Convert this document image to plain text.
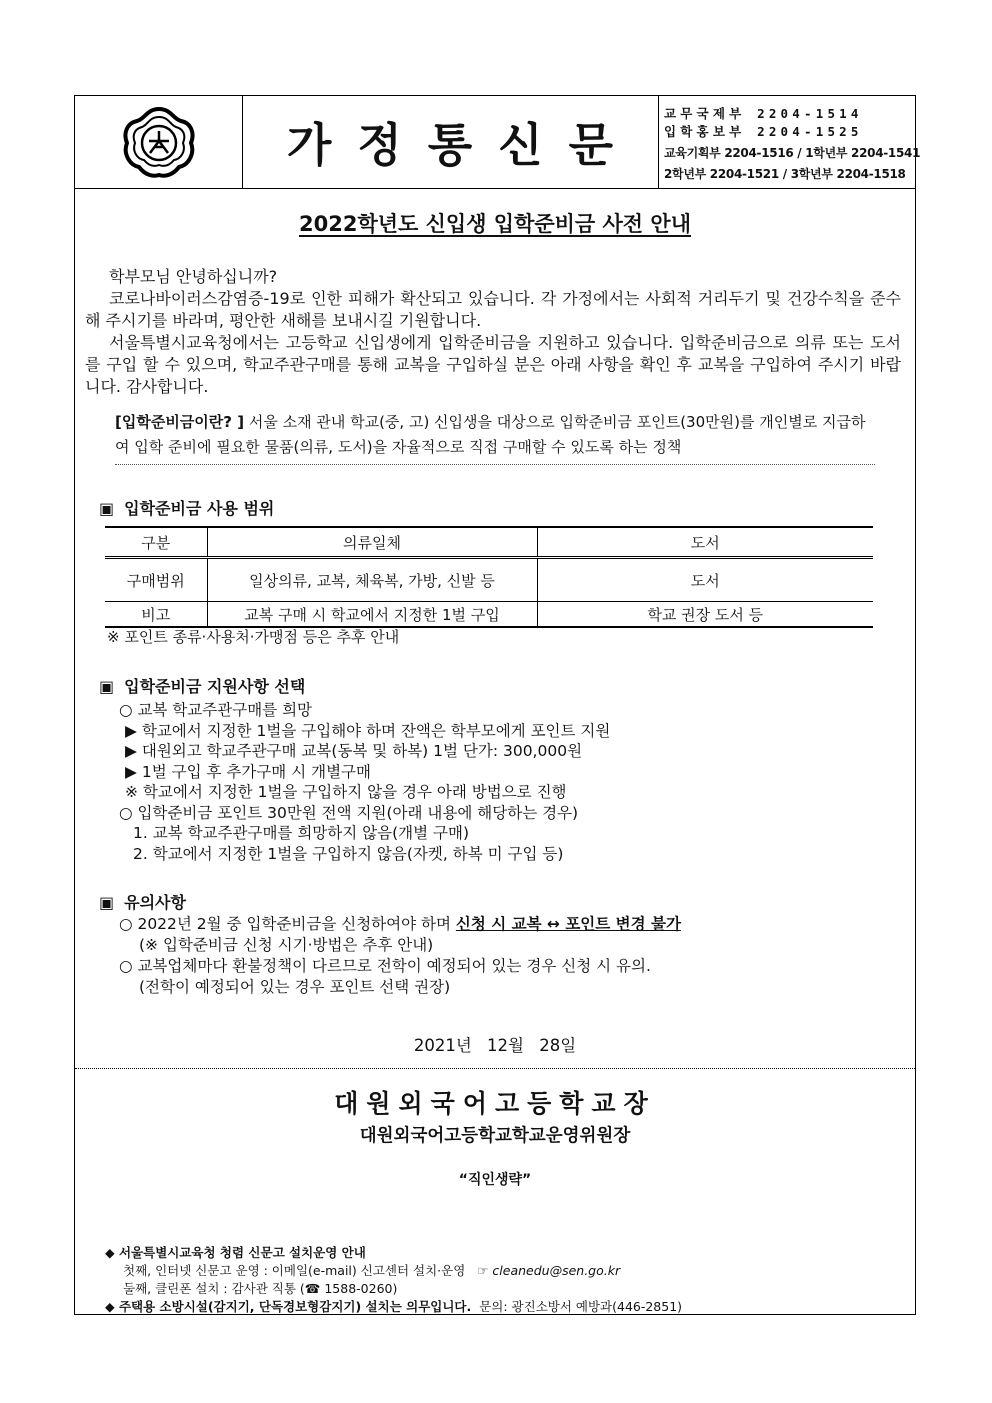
가정통신문
교무국제부 2204-1514
입학홍보부 2204-1525
교육기획부 2204-1516 / 1학년부 2204-1541
2학년부 2204-1521 / 3학년부 2204-1518
2022학년도 신입생 입학준비금 사전 안내

학부모님 안녕하십니까?

코로나바이러스감염증-19로 인한 피해가 확산되고 있습니다. 각 가정에서는 사회적 거리두기 및 건강수칙을 준수해 주시기를 바라며, 평안한 새해를 보내시길 기원합니다.

서울특별시교육청에서는 고등학교 신입생에게 입학준비금을 지원하고 있습니다. 입학준비금으로 의류 또는 도서를 구입 할 수 있으며, 학교주관구매를 통해 교복을 구입하실 분은 아래 사항을 확인 후 교복을 구입하여 주시기 바랍니다. 감사합니다.

[입학준비금이란? ] 서울 소재 관내 학교(중, 고) 신입생을 대상으로 입학준비금 포인트(30만원)를 개인별로 지급하여 입학 준비에 필요한 물품(의류, 도서)을 자율적으로 직접 구매할 수 있도록 하는 정책
▣ 입학준비금 사용 범위
구분	의류일체	도서
구매범위	일상의류, 교복, 체육복, 가방, 신발 등	도서
비고	교복 구매 시 학교에서 지정한 1벌 구입	학교 권장 도서 등
※ 포인트 종류·사용처·가맹점 등은 추후 안내
▣ 입학준비금 지원사항 선택
○ 교복 학교주관구매를 희망
▶ 학교에서 지정한 1벌을 구입해야 하며 잔액은 학부모에게 포인트 지원
▶ 대원외고 학교주관구매 교복(동복 및 하복) 1벌 단가: 300,000원
▶ 1벌 구입 후 추가구매 시 개별구매
※ 학교에서 지정한 1벌을 구입하지 않을 경우 아래 방법으로 진행
○ 입학준비금 포인트 30만원 전액 지원(아래 내용에 해당하는 경우)
1. 교복 학교주관구매를 희망하지 않음(개별 구매)
2. 학교에서 지정한 1벌을 구입하지 않음(자켓, 하복 미 구입 등)
▣ 유의사항
○ 2022년 2월 중 입학준비금을 신청하여야 하며 신청 시 교복 ↔ 포인트 변경 불가
(※ 입학준비금 신청 시기·방법은 추후 안내)
○ 교복업체마다 환불정책이 다르므로 전학이 예정되어 있는 경우 신청 시 유의.
(전학이 예정되어 있는 경우 포인트 선택 권장)
2021년 12월 28일
대원외국어고등학교장
대원외국어고등학교학교운영위원장
“직인생략”
◆ 서울특별시교육청 청렴 신문고 설치운영 안내
첫째, 인터넷 신문고 운영 : 이메일(e-mail) 신고센터 설치·운영 ☞ cleanedu@sen.go.kr
둘째, 클린폰 설치 : 감사관 직통 (☎ 1588-0260)
◆ 주택용 소방시설(감지기, 단독경보형감지기) 설치는 의무입니다. 문의: 광진소방서 예방과(446-2851)
